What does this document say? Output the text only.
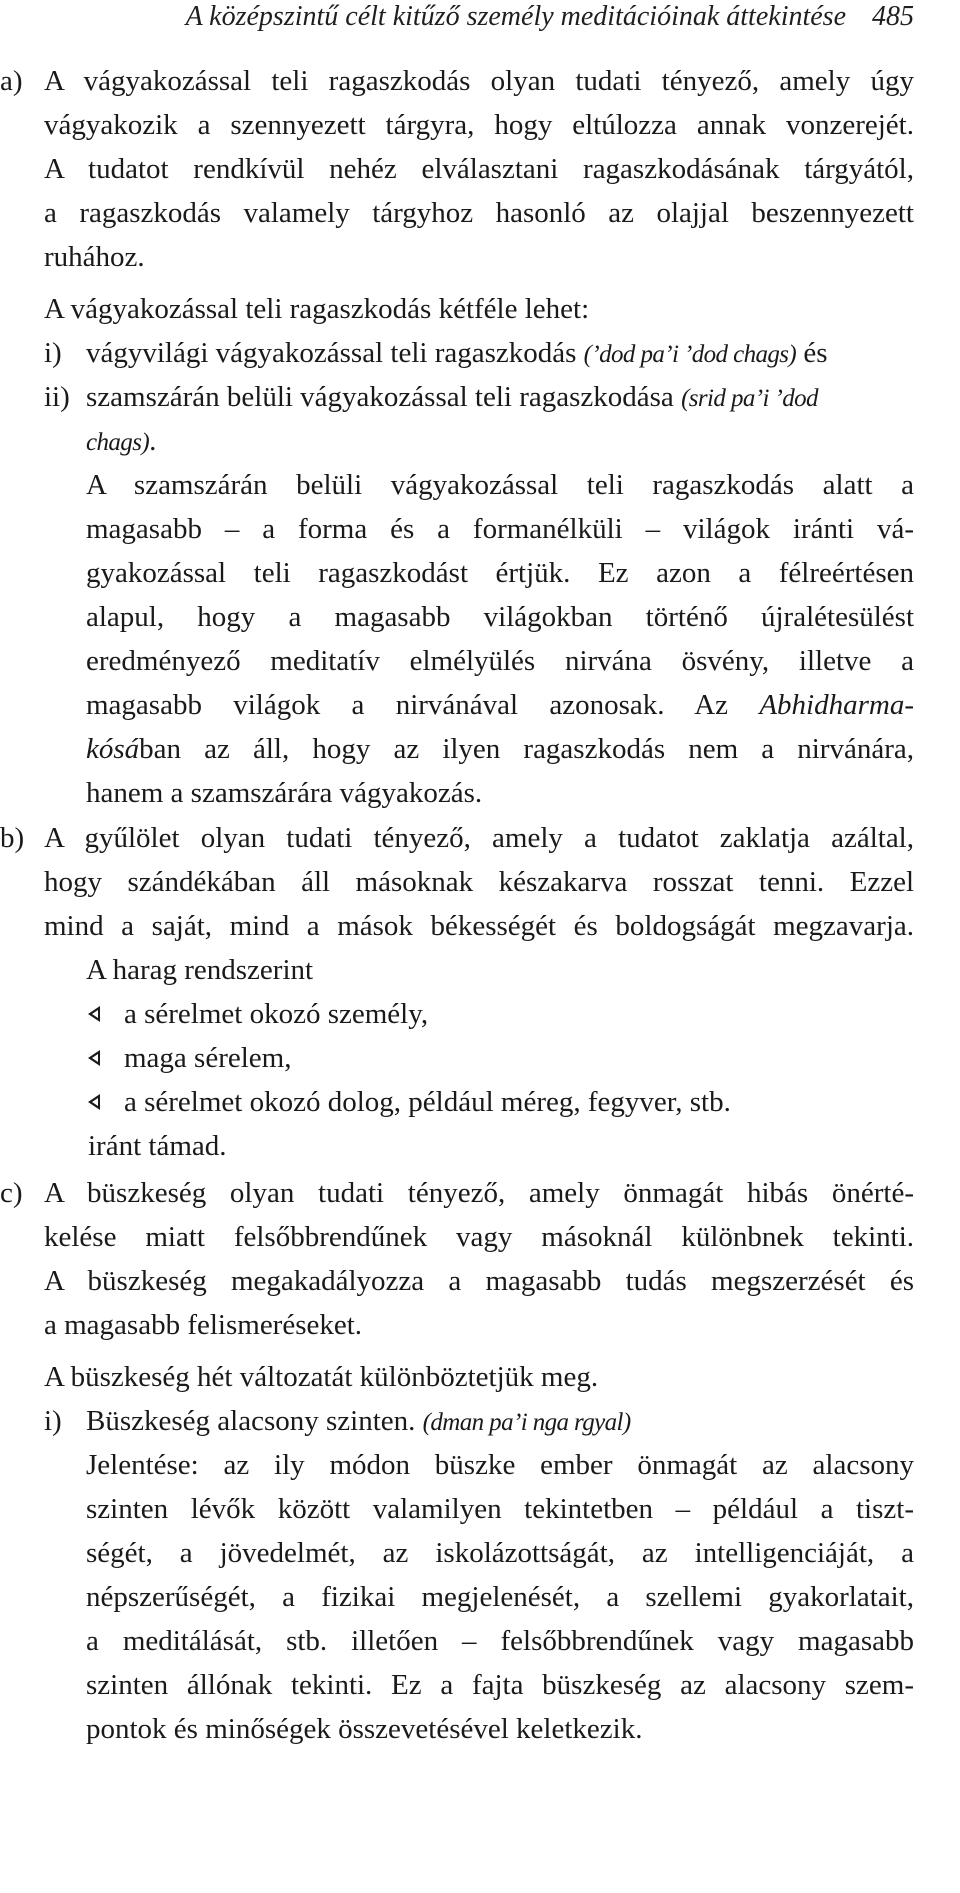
A középszintű célt kitűző személy meditációinak áttekintése 485
a) A vágyakozással teli ragaszkodás olyan tudati tényező, amely úgy
vágyakozik a szennyezett tárgyra, hogy eltúlozza annak vonzerejét.
A tudatot rendkívül nehéz elválasztani ragaszkodásának tárgyától,
a ragaszkodás valamely tárgyhoz hasonló az olajjal beszennyezett
ruhához.
A vágyakozással teli ragaszkodás kétféle lehet:
i) vágyvilági vágyakozással teli ragaszkodás (’dod pa’i ’dod chags) és
ii) szamszárán belüli vágyakozással teli ragaszkodása (srid pa’i ’dod
chags).
A szamszárán belüli vágyakozással teli ragaszkodás alatt a
magasabb – a forma és a formanélküli – világok iránti vá-
gyakozással teli ragaszkodást értjük. Ez azon a félreértésen
alapul, hogy a magasabb világokban történő újralétesülést
eredményező meditatív elmélyülés nirvána ösvény, illetve a
magasabb világok a nirvánával azonosak. Az Abhidharma-
kósában az áll, hogy az ilyen ragaszkodás nem a nirvánára,
hanem a szamszárára vágyakozás.
b) A gyűlölet olyan tudati tényező, amely a tudatot zaklatja azáltal,
hogy szándékában áll másoknak készakarva rosszat tenni. Ezzel
mind a saját, mind a mások békességét és boldogságát megzavarja.
A harag rendszerint
a sérelmet okozó személy,
maga sérelem,
a sérelmet okozó dolog, például méreg, fegyver, stb.
iránt támad.
c) A büszkeség olyan tudati tényező, amely önmagát hibás önérté-
kelése miatt felsőbbrendűnek vagy másoknál különbnek tekinti.
A büszkeség megakadályozza a magasabb tudás megszerzését és
a magasabb felismeréseket.
A büszkeség hét változatát különböztetjük meg.
i) Büszkeség alacsony szinten. (dman pa’i nga rgyal)
Jelentése: az ily módon büszke ember önmagát az alacsony
szinten lévők között valamilyen tekintetben – például a tiszt-
ségét, a jövedelmét, az iskolázottságát, az intelligenciáját, a
népszerűségét, a fizikai megjelenését, a szellemi gyakorlatait,
a meditálását, stb. illetően – felsőbbrendűnek vagy magasabb
szinten állónak tekinti. Ez a fajta büszkeség az alacsony szem-
pontok és minőségek összevetésével keletkezik.
